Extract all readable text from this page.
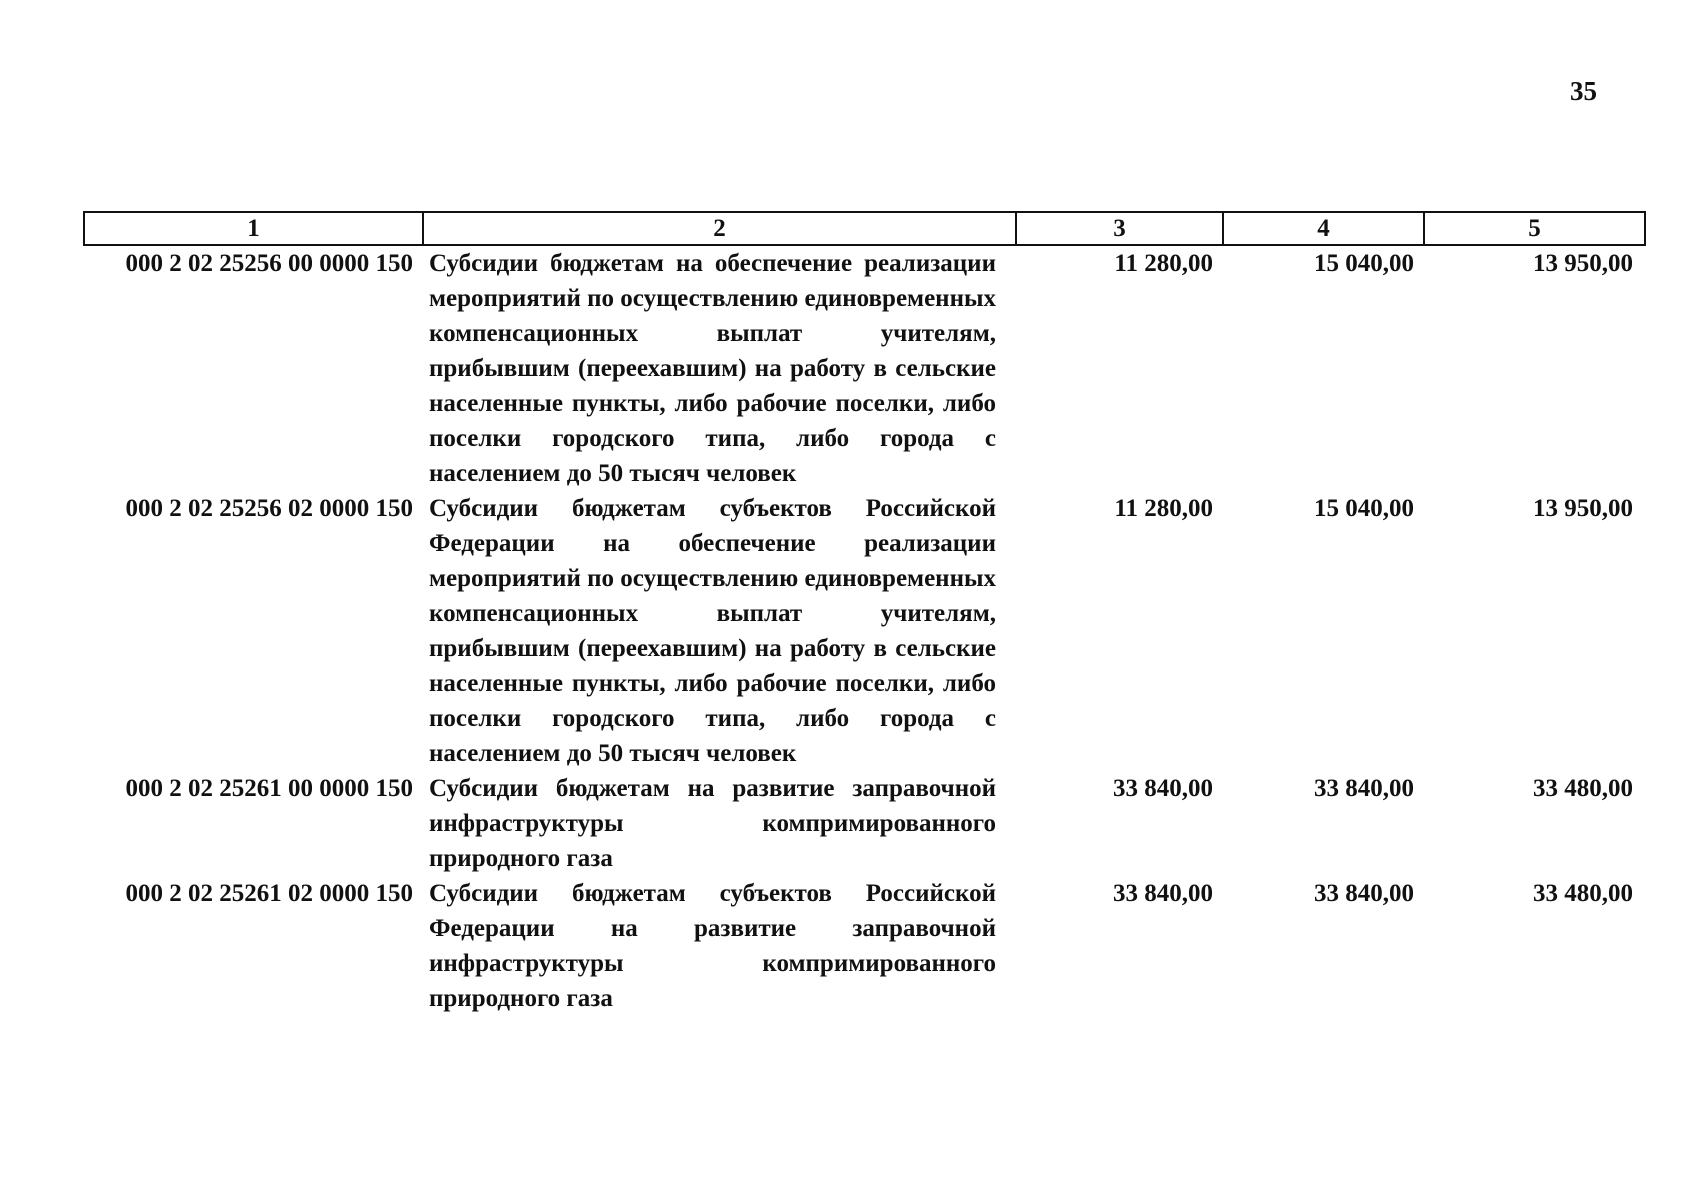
35
1	2	3	4	5
000 2 02 25256 00 0000 150	Субсидии бюджетам на обеспечение реализации мероприятий по осуществлению единовременных компенсационных выплат учителям, прибывшим (переехавшим) на работу в сельские населенные пункты, либо рабочие поселки, либо поселки городского типа, либо города с населением до 50 тысяч человек	11 280,00	15 040,00	13 950,00
000 2 02 25256 02 0000 150	Субсидии бюджетам субъектов Российской Федерации на обеспечение реализации мероприятий по осуществлению единовременных компенсационных выплат учителям, прибывшим (переехавшим) на работу в сельские населенные пункты, либо рабочие поселки, либо поселки городского типа, либо города с населением до 50 тысяч человек	11 280,00	15 040,00	13 950,00
000 2 02 25261 00 0000 150	Субсидии бюджетам на развитие заправочной инфраструктуры компримированного природного газа	33 840,00	33 840,00	33 480,00
000 2 02 25261 02 0000 150	Субсидии бюджетам субъектов Российской Федерации на развитие заправочной инфраструктуры компримированного природного газа	33 840,00	33 840,00	33 480,00
